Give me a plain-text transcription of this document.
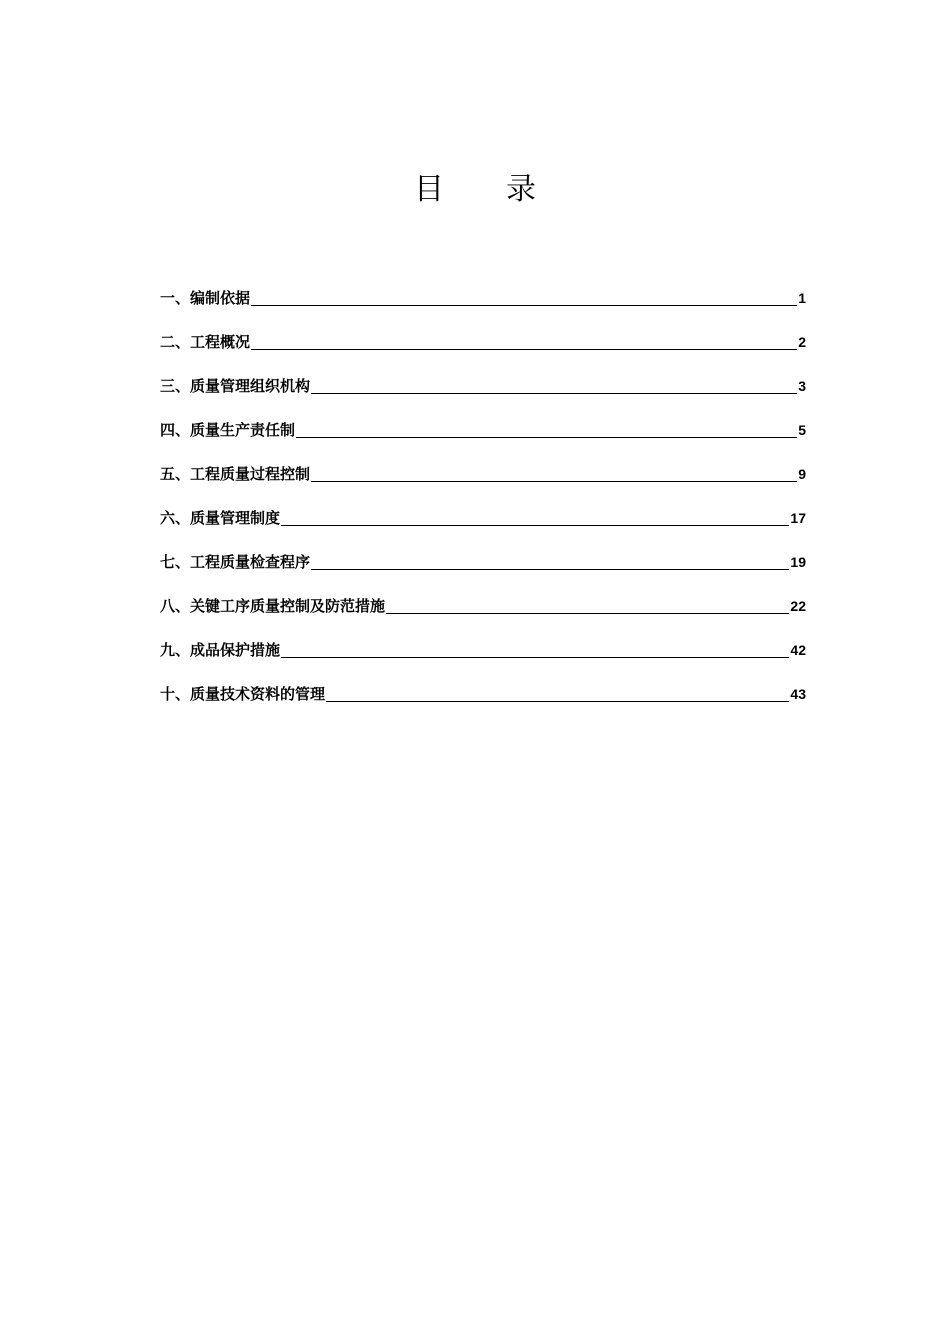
目 录
一、编制依据	1
二、工程概况	2
三、质量管理组织机构	3
四、质量生产责任制	5
五、工程质量过程控制	9
六、质量管理制度	17
七、工程质量检查程序	19
八、关键工序质量控制及防范措施	22
九、成品保护措施	42
十、质量技术资料的管理	43
